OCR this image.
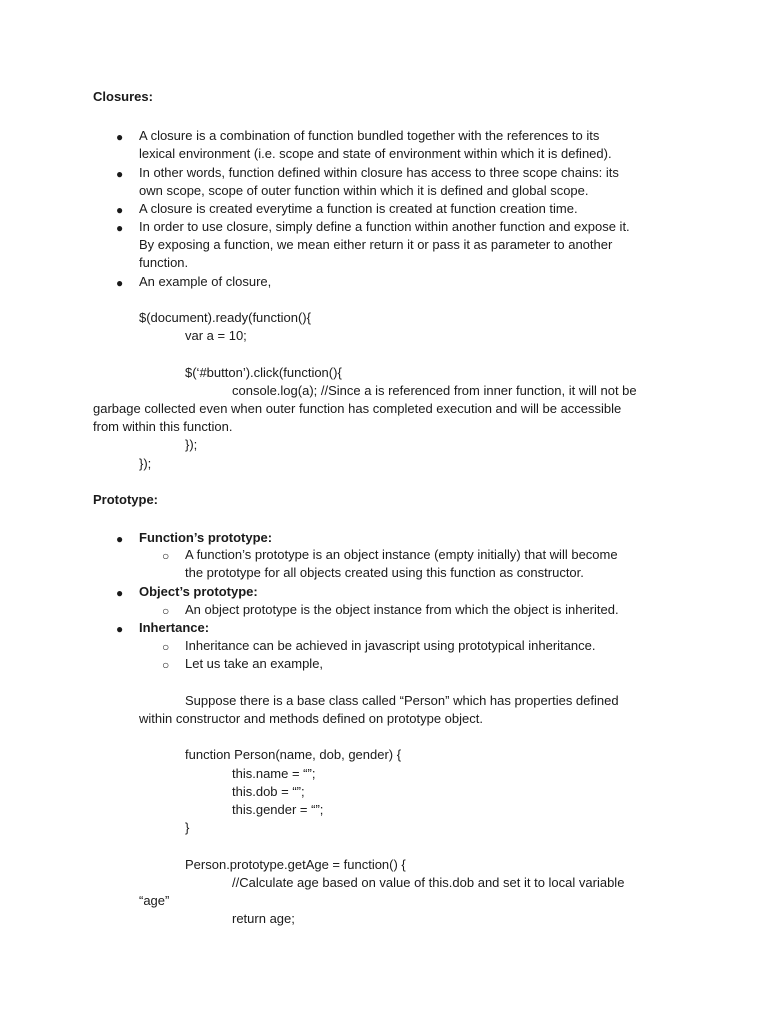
Closures:
● A closure is a combination of function bundled together with the references to its
lexical environment (i.e. scope and state of environment within which it is defined).
● In other words, function defined within closure has access to three scope chains: its
own scope, scope of outer function within which it is defined and global scope.
● A closure is created everytime a function is created at function creation time.
● In order to use closure, simply define a function within another function and expose it.
By exposing a function, we mean either return it or pass it as parameter to another
function.
● An example of closure,
$(document).ready(function(){
var a = 10;
$(‘#button’).click(function(){
console.log(a); //Since a is referenced from inner function, it will not be
garbage collected even when outer function has completed execution and will be accessible
from within this function.
});
});
Prototype:
● Function’s prototype:
○ A function’s prototype is an object instance (empty initially) that will become
the prototype for all objects created using this function as constructor.
● Object’s prototype:
○ An object prototype is the object instance from which the object is inherited.
● Inhertance:
○ Inheritance can be achieved in javascript using prototypical inheritance.
○ Let us take an example,
Suppose there is a base class called “Person” which has properties defined
within constructor and methods defined on prototype object.
function Person(name, dob, gender) {
this.name = “”;
this.dob = “”;
this.gender = “”;
}
Person.prototype.getAge = function() {
//Calculate age based on value of this.dob and set it to local variable
“age”
return age;
